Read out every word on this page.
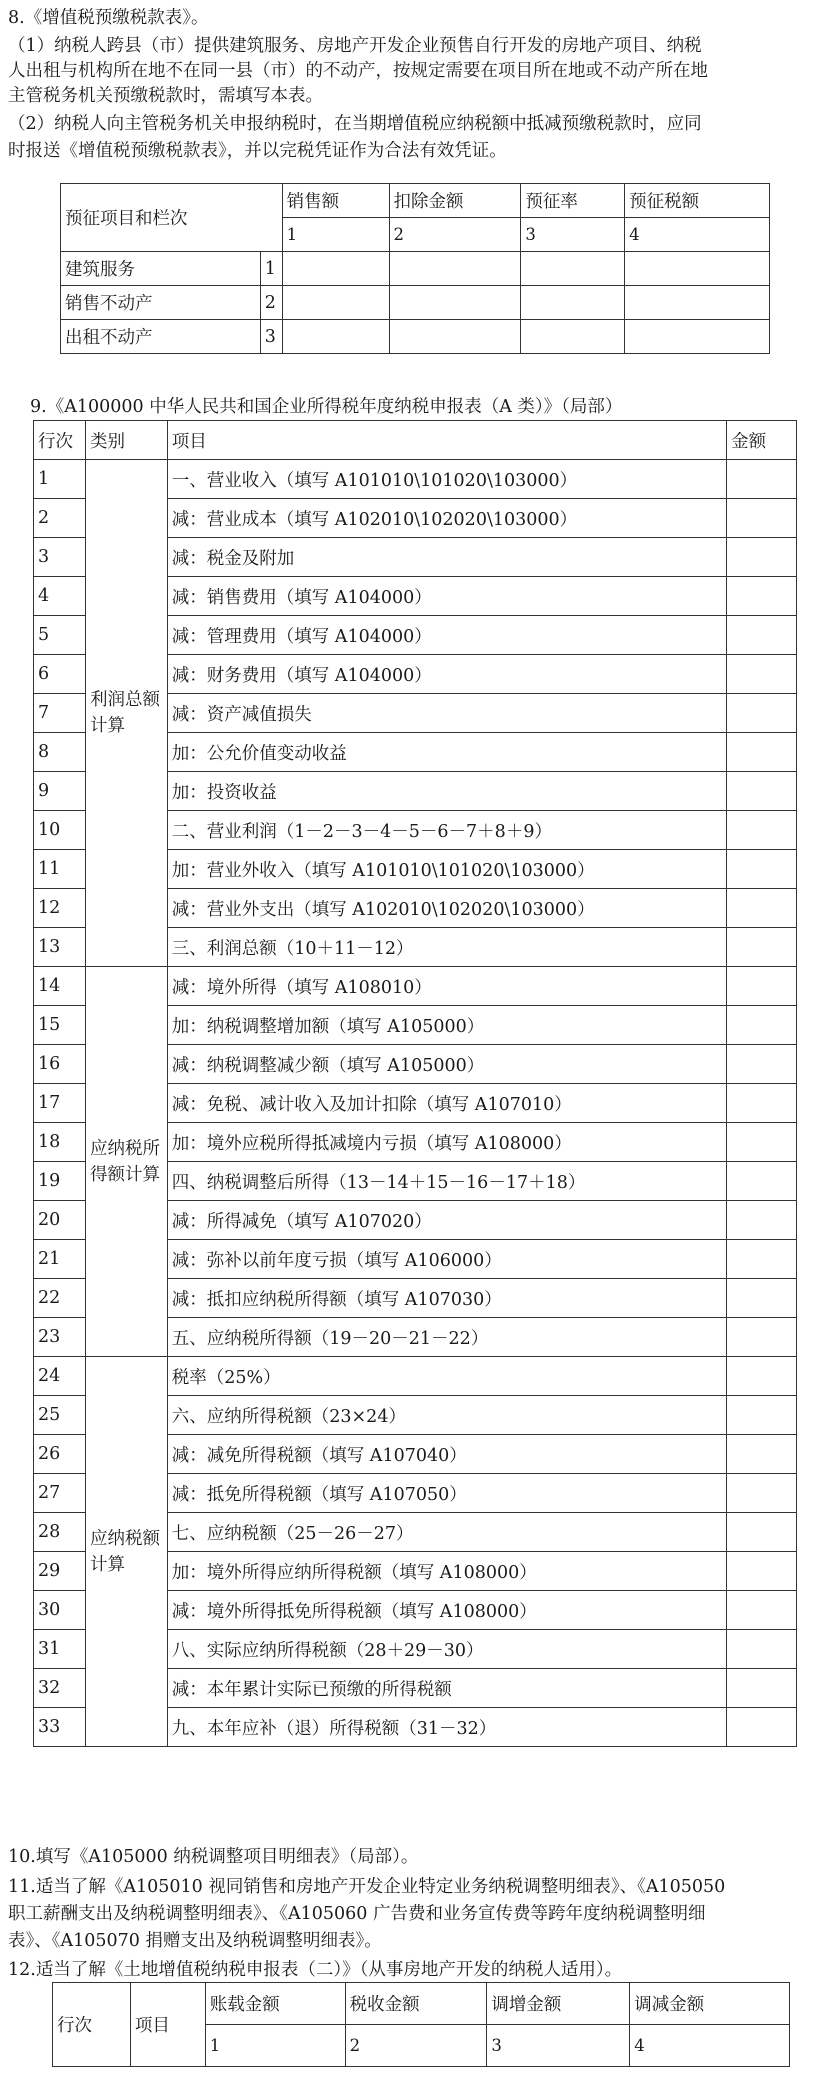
8.《增值税预缴税款表》。
（1）纳税人跨县（市）提供建筑服务、房地产开发企业预售自行开发的房地产项目、纳税
人出租与机构所在地不在同一县（市）的不动产，按规定需要在项目所在地或不动产所在地
主管税务机关预缴税款时，需填写本表。
（2）纳税人向主管税务机关申报纳税时，在当期增值税应纳税额中抵减预缴税款时，应同
时报送《增值税预缴税款表》，并以完税凭证作为合法有效凭证。
预征项目和栏次		销售额	扣除金额	预征率	预征税额
		1	2	3	4
建筑服务	1				
销售不动产	2				
出租不动产	3				
9.《A100000 中华人民共和国企业所得税年度纳税申报表（A 类）》（局部）
行次	类别	项目	金额
1	利润总额计算	一、营业收入（填写 A101010\101020\103000）	
2		减：营业成本（填写 A102010\102020\103000）	
3		减：税金及附加	
4		减：销售费用（填写 A104000）	
5		减：管理费用（填写 A104000）	
6		减：财务费用（填写 A104000）	
7		减：资产减值损失	
8		加：公允价值变动收益	
9		加：投资收益	
10		二、营业利润（1－2－3－4－5－6－7＋8＋9）	
11		加：营业外收入（填写 A101010\101020\103000）	
12		减：营业外支出（填写 A102010\102020\103000）	
13		三、利润总额（10＋11－12）	
14	应纳税所得额计算	减：境外所得（填写 A108010）	
15		加：纳税调整增加额（填写 A105000）	
16		减：纳税调整减少额（填写 A105000）	
17		减：免税、减计收入及加计扣除（填写 A107010）	
18		加：境外应税所得抵减境内亏损（填写 A108000）	
19		四、纳税调整后所得（13－14＋15－16－17＋18）	
20		减：所得减免（填写 A107020）	
21		减：弥补以前年度亏损（填写 A106000）	
22		减：抵扣应纳税所得额（填写 A107030）	
23		五、应纳税所得额（19－20－21－22）	
24	应纳税额计算	税率（25%）	
25		六、应纳所得税额（23×24）	
26		减：减免所得税额（填写 A107040）	
27		减：抵免所得税额（填写 A107050）	
28		七、应纳税额（25－26－27）	
29		加：境外所得应纳所得税额（填写 A108000）	
30		减：境外所得抵免所得税额（填写 A108000）	
31		八、实际应纳所得税额（28＋29－30）	
32		减：本年累计实际已预缴的所得税额	
33		九、本年应补（退）所得税额（31－32）	
10.填写《A105000 纳税调整项目明细表》（局部）。
11.适当了解《A105010 视同销售和房地产开发企业特定业务纳税调整明细表》、《A105050
职工薪酬支出及纳税调整明细表》、《A105060 广告费和业务宣传费等跨年度纳税调整明细
表》、《A105070 捐赠支出及纳税调整明细表》。
12.适当了解《土地增值税纳税申报表（二）》（从事房地产开发的纳税人适用）。
行次	项目	账载金额	税收金额	调增金额	调减金额
		1	2	3	4
